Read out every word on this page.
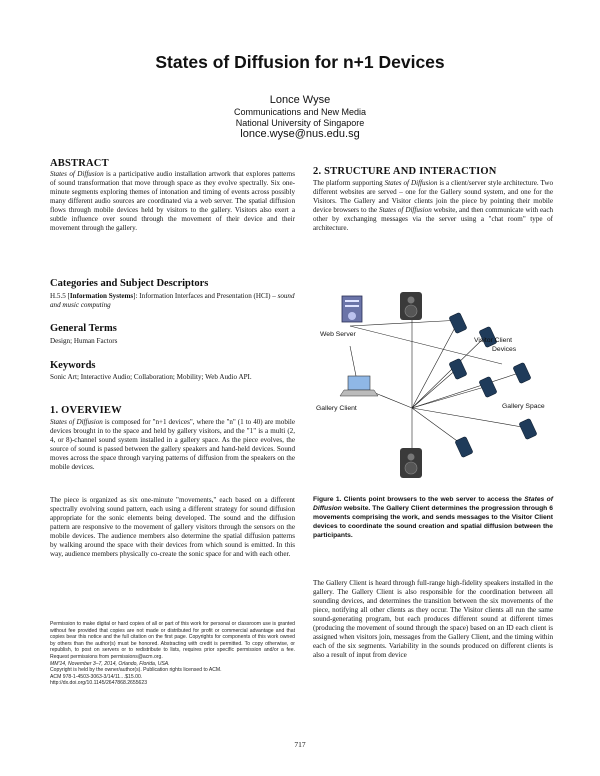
States of Diffusion for n+1 Devices
Lonce Wyse
Communications and New Media
National University of Singapore
lonce.wyse@nus.edu.sg
ABSTRACT
States of Diffusion is a participative audio installation artwork that explores patterns of sound transformation that move through space as they evolve spectrally. Six one-minute segments exploring themes of intonation and timing of events across possibly many different audio sources are coordinated via a web server. The spatial diffusion flows through mobile devices held by visitors to the gallery. Visitors also exert a subtle influence over sound through the movement of their device and their movement through the gallery.
Categories and Subject Descriptors
H.5.5 [Information Systems]: Information Interfaces and Presentation (HCI) – sound and music computing
General Terms
Design; Human Factors
Keywords
Sonic Art; Interactive Audio; Collaboration; Mobility; Web Audio API.
1. OVERVIEW
States of Diffusion is composed for "n+1 devices", where the "n" (1 to 40) are mobile devices brought in to the space and held by gallery visitors, and the "1" is a multi (2, 4, or 8)-channel sound system installed in a gallery space. As the piece evolves, the source of sound is passed between the gallery speakers and hand-held devices. Sound moves across the space through varying patterns of diffusion from the speakers on the mobile devices.
The piece is organized as six one-minute "movements," each based on a different spectrally evolving sound pattern, each using a different strategy for sound diffusion appropriate for the sonic elements being developed. The sound and the diffusion pattern are responsive to the movement of gallery visitors through the sensors on the mobile devices. The audience members also determine the spatial diffusion patterns by walking around the space with their devices from which sound is emitted. In this way, audience members physically co-create the sonic space for and with each other.
Permission to make digital or hard copies of all or part of this work for personal or classroom use is granted without fee provided that copies are not made or distributed for profit or commercial advantage and that copies bear this notice and the full citation on the first page. Copyrights for components of this work owned by others than the author(s) must be honored. Abstracting with credit is permitted. To copy otherwise, or republish, to post on servers or to redistribute to lists, requires prior specific permission and/or a fee. Request permissions from permissions@acm.org.
MM'14, November 3–7, 2014, Orlando, Florida, USA.
Copyright is held by the owner/author(s). Publication rights licensed to ACM.
ACM 978-1-4503-3063-3/14/11…$15.00.
http://dx.doi.org/10.1145/2647868.2655623
2. STRUCTURE AND INTERACTION
The platform supporting States of Diffusion is a client/server style architecture. Two different websites are served – one for the Gallery sound system, and one for the Visitors. The Gallery and Visitor clients join the piece by pointing their mobile device browsers to the States of Diffusion website, and then communicate with each other by exchanging messages via the server using a "chat room" type of architecture.
Web Server
Visitor Client
Devices
Gallery Space
Gallery Client
Figure 1. Clients point browsers to the web server to access the States of Diffusion website. The Gallery Client determines the progression through 6 movements comprising the work, and sends messages to the Visitor Client devices to coordinate the sound creation and spatial diffusion between the participants.
The Gallery Client is heard through full-range high-fidelity speakers installed in the gallery. The Gallery Client is also responsible for the coordination between all sounding devices, and determines the transition between the six movements of the piece, notifying all other clients as they occur. The Visitor clients all run the same sound-generating program, but each produces different sound at different times (producing the movement of sound through the space) based on an ID each client is assigned when visitors join, messages from the Gallery Client, and the timing within each of the six segments. Variability in the sounds produced on different clients is also a result of input from device
717
